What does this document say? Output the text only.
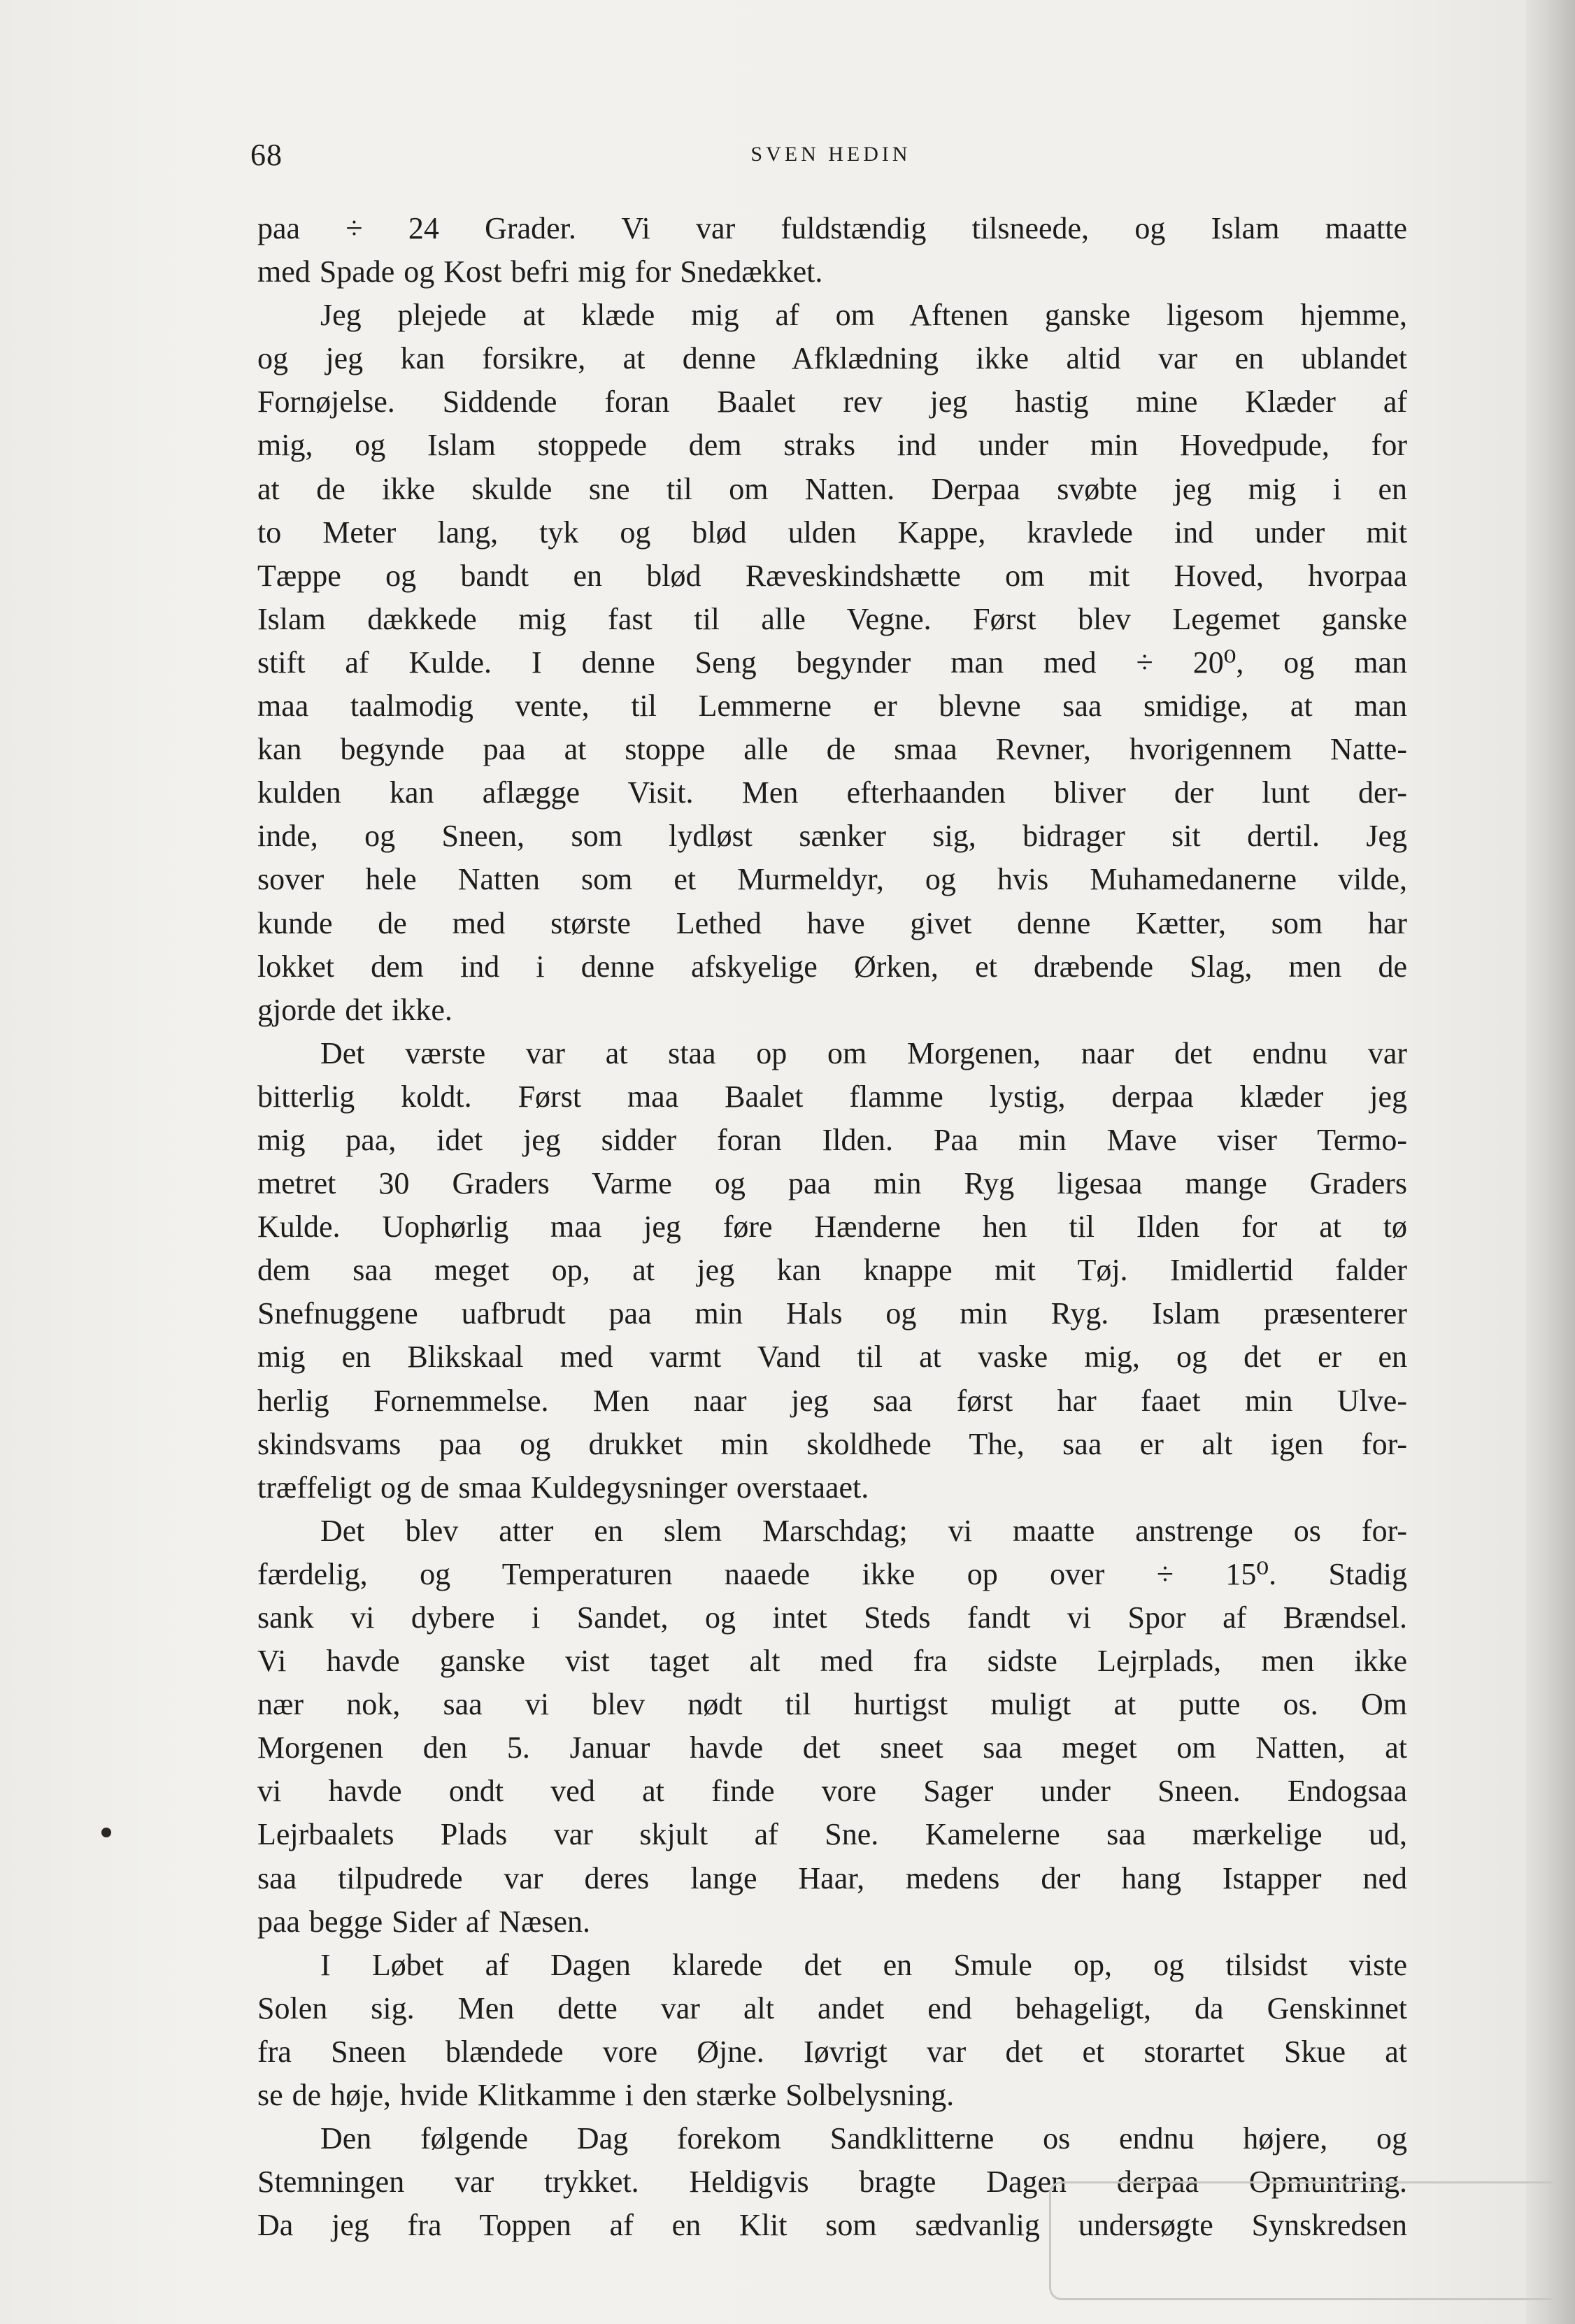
68	SVEN HEDIN
paa ÷ 24 Grader. Vi var fuldstændig tilsneede, og Islam maatte
med Spade og Kost befri mig for Snedækket.
Jeg plejede at klæde mig af om Aftenen ganske ligesom hjemme,
og jeg kan forsikre, at denne Afklædning ikke altid var en ublandet
Fornøjelse. Siddende foran Baalet rev jeg hastig mine Klæder af
mig, og Islam stoppede dem straks ind under min Hovedpude, for
at de ikke skulde sne til om Natten. Derpaa svøbte jeg mig i en
to Meter lang, tyk og blød ulden Kappe, kravlede ind under mit
Tæppe og bandt en blød Ræveskindshætte om mit Hoved, hvorpaa
Islam dækkede mig fast til alle Vegne. Først blev Legemet ganske
stift af Kulde. I denne Seng begynder man med ÷ 20⁰, og man
maa taalmodig vente, til Lemmerne er blevne saa smidige, at man
kan begynde paa at stoppe alle de smaa Revner, hvorigennem Natte-
kulden kan aflægge Visit. Men efterhaanden bliver der lunt der-
inde, og Sneen, som lydløst sænker sig, bidrager sit dertil. Jeg
sover hele Natten som et Murmeldyr, og hvis Muhamedanerne vilde,
kunde de med største Lethed have givet denne Kætter, som har
lokket dem ind i denne afskyelige Ørken, et dræbende Slag, men de
gjorde det ikke.
Det værste var at staa op om Morgenen, naar det endnu var
bitterlig koldt. Først maa Baalet flamme lystig, derpaa klæder jeg
mig paa, idet jeg sidder foran Ilden. Paa min Mave viser Termo-
metret 30 Graders Varme og paa min Ryg ligesaa mange Graders
Kulde. Uophørlig maa jeg føre Hænderne hen til Ilden for at tø
dem saa meget op, at jeg kan knappe mit Tøj. Imidlertid falder
Snefnuggene uafbrudt paa min Hals og min Ryg. Islam præsenterer
mig en Blikskaal med varmt Vand til at vaske mig, og det er en
herlig Fornemmelse. Men naar jeg saa først har faaet min Ulve-
skindsvams paa og drukket min skoldhede The, saa er alt igen for-
træffeligt og de smaa Kuldegysninger overstaaet.
Det blev atter en slem Marschdag; vi maatte anstrenge os for-
færdelig, og Temperaturen naaede ikke op over ÷ 15⁰. Stadig
sank vi dybere i Sandet, og intet Steds fandt vi Spor af Brændsel.
Vi havde ganske vist taget alt med fra sidste Lejrplads, men ikke
nær nok, saa vi blev nødt til hurtigst muligt at putte os. Om
Morgenen den 5. Januar havde det sneet saa meget om Natten, at
vi havde ondt ved at finde vore Sager under Sneen. Endogsaa
Lejrbaalets Plads var skjult af Sne. Kamelerne saa mærkelige ud,
saa tilpudrede var deres lange Haar, medens der hang Istapper ned
paa begge Sider af Næsen.
I Løbet af Dagen klarede det en Smule op, og tilsidst viste
Solen sig. Men dette var alt andet end behageligt, da Genskinnet
fra Sneen blændede vore Øjne. Iøvrigt var det et storartet Skue at
se de høje, hvide Klitkamme i den stærke Solbelysning.
Den følgende Dag forekom Sandklitterne os endnu højere, og
Stemningen var trykket. Heldigvis bragte Dagen derpaa Opmuntring.
Da jeg fra Toppen af en Klit som sædvanlig undersøgte Synskredsen
